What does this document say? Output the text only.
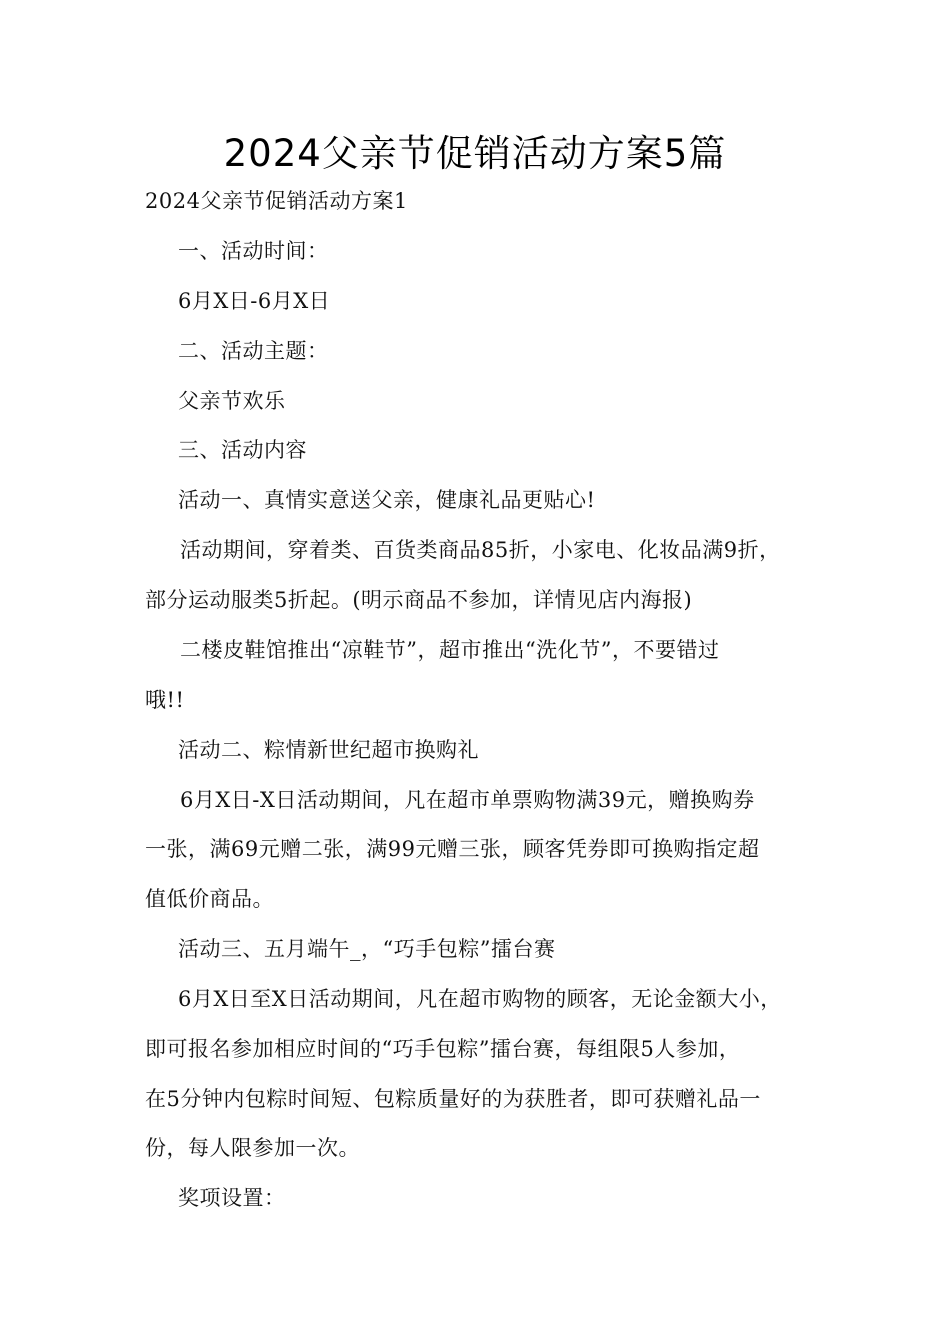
2024父亲节促销活动方案5篇
2024父亲节促销活动方案1
一、活动时间：
6月X日-6月X日
二、活动主题：
父亲节欢乐
三、活动内容
活动一、真情实意送父亲，健康礼品更贴心!
活动期间，穿着类、百货类商品85折，小家电、化妆品满9折，
部分运动服类5折起。(明示商品不参加，详情见店内海报)
二楼皮鞋馆推出“凉鞋节”，超市推出“洗化节”，不要错过
哦!!
活动二、粽情新世纪超市换购礼
6月X日-X日活动期间，凡在超市单票购物满39元，赠换购券
一张，满69元赠二张，满99元赠三张，顾客凭券即可换购指定超
值低价商品。
活动三、五月端午_，“巧手包粽”擂台赛
6月X日至X日活动期间，凡在超市购物的顾客，无论金额大小，
即可报名参加相应时间的“巧手包粽”擂台赛，每组限5人参加，
在5分钟内包粽时间短、包粽质量好的为获胜者，即可获赠礼品一
份，每人限参加一次。
奖项设置：
